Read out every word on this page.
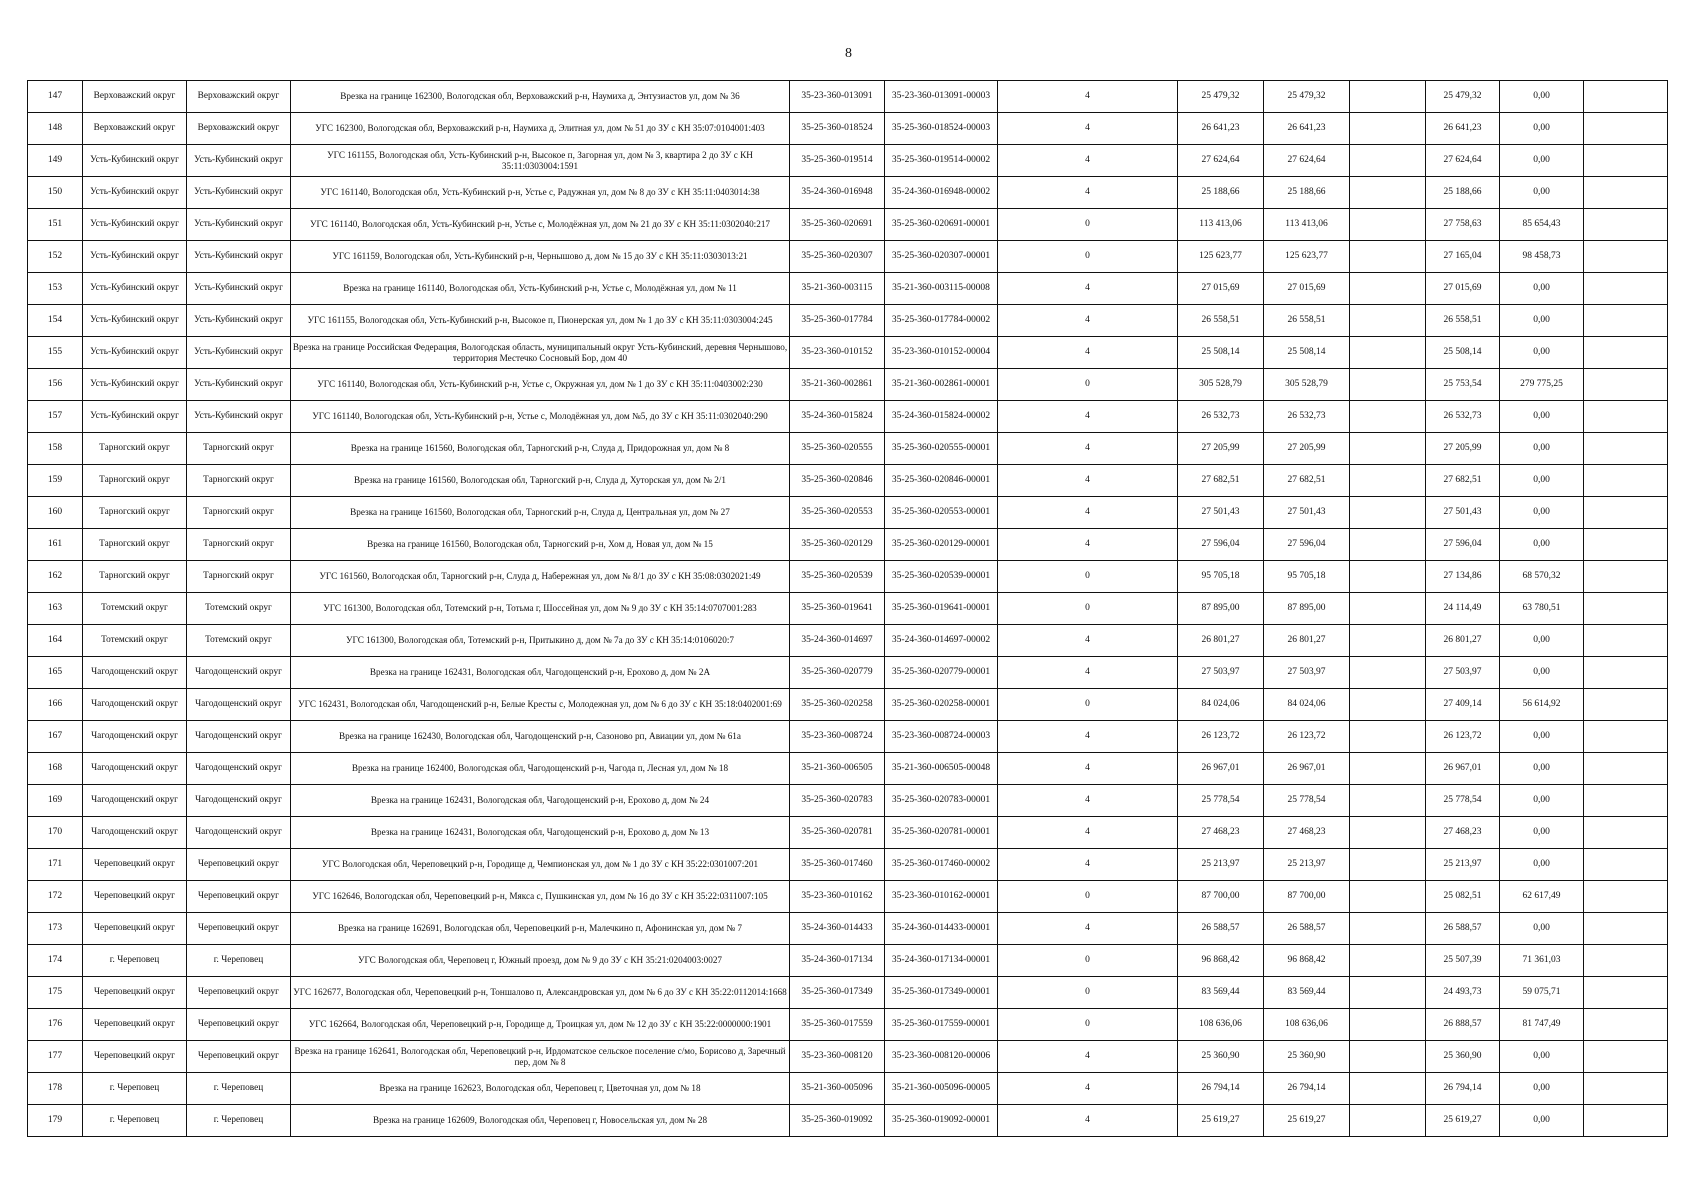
8
147	Верховажский округ	Верховажский округ	Врезка на границе 162300, Вологодская обл, Верховажский р-н, Наумиха д, Энтузиастов ул, дом № 36	35-23-360-013091	35-23-360-013091-00003	4	25 479,32	25 479,32		25 479,32	0,00	
148	Верховажский округ	Верховажский округ	УГС 162300, Вологодская обл, Верховажский р-н, Наумиха д, Элитная ул, дом № 51 до ЗУ с КН 35:07:0104001:403	35-25-360-018524	35-25-360-018524-00003	4	26 641,23	26 641,23		26 641,23	0,00	
149	Усть-Кубинский округ	Усть-Кубинский округ	УГС 161155, Вологодская обл, Усть-Кубинский р-н, Высокое п, Загорная ул, дом № 3, квартира 2 до ЗУ с КН 35:11:0303004:1591	35-25-360-019514	35-25-360-019514-00002	4	27 624,64	27 624,64		27 624,64	0,00	
150	Усть-Кубинский округ	Усть-Кубинский округ	УГС 161140, Вологодская обл, Усть-Кубинский р-н, Устье с, Радужная ул, дом № 8 до ЗУ с КН 35:11:0403014:38	35-24-360-016948	35-24-360-016948-00002	4	25 188,66	25 188,66		25 188,66	0,00	
151	Усть-Кубинский округ	Усть-Кубинский округ	УГС 161140, Вологодская обл, Усть-Кубинский р-н, Устье с, Молодёжная ул, дом № 21 до ЗУ с КН 35:11:0302040:217	35-25-360-020691	35-25-360-020691-00001	0	113 413,06	113 413,06		27 758,63	85 654,43	
152	Усть-Кубинский округ	Усть-Кубинский округ	УГС 161159, Вологодская обл, Усть-Кубинский р-н, Чернышово д, дом № 15 до ЗУ с КН 35:11:0303013:21	35-25-360-020307	35-25-360-020307-00001	0	125 623,77	125 623,77		27 165,04	98 458,73	
153	Усть-Кубинский округ	Усть-Кубинский округ	Врезка на границе 161140, Вологодская обл, Усть-Кубинский р-н, Устье с, Молодёжная ул, дом № 11	35-21-360-003115	35-21-360-003115-00008	4	27 015,69	27 015,69		27 015,69	0,00	
154	Усть-Кубинский округ	Усть-Кубинский округ	УГС 161155, Вологодская обл, Усть-Кубинский р-н, Высокое п, Пионерская ул, дом № 1 до ЗУ с КН 35:11:0303004:245	35-25-360-017784	35-25-360-017784-00002	4	26 558,51	26 558,51		26 558,51	0,00	
155	Усть-Кубинский округ	Усть-Кубинский округ	Врезка на границе Российская Федерация, Вологодская область, муниципальный округ Усть-Кубинский, деревня Чернышово, территория Местечко Сосновый Бор, дом 40	35-23-360-010152	35-23-360-010152-00004	4	25 508,14	25 508,14		25 508,14	0,00	
156	Усть-Кубинский округ	Усть-Кубинский округ	УГС 161140, Вологодская обл, Усть-Кубинский р-н, Устье с, Окружная ул, дом № 1 до ЗУ с КН 35:11:0403002:230	35-21-360-002861	35-21-360-002861-00001	0	305 528,79	305 528,79		25 753,54	279 775,25	
157	Усть-Кубинский округ	Усть-Кубинский округ	УГС 161140, Вологодская обл, Усть-Кубинский р-н, Устье с, Молодёжная ул, дом №5, до ЗУ с КН 35:11:0302040:290	35-24-360-015824	35-24-360-015824-00002	4	26 532,73	26 532,73		26 532,73	0,00	
158	Тарногский округ	Тарногский округ	Врезка на границе 161560, Вологодская обл, Тарногский р-н, Слуда д, Придорожная ул, дом № 8	35-25-360-020555	35-25-360-020555-00001	4	27 205,99	27 205,99		27 205,99	0,00	
159	Тарногский округ	Тарногский округ	Врезка на границе 161560, Вологодская обл, Тарногский р-н, Слуда д, Хуторская ул, дом № 2/1	35-25-360-020846	35-25-360-020846-00001	4	27 682,51	27 682,51		27 682,51	0,00	
160	Тарногский округ	Тарногский округ	Врезка на границе 161560, Вологодская обл, Тарногский р-н, Слуда д, Центральная ул, дом № 27	35-25-360-020553	35-25-360-020553-00001	4	27 501,43	27 501,43		27 501,43	0,00	
161	Тарногский округ	Тарногский округ	Врезка на границе 161560, Вологодская обл, Тарногский р-н, Хом д, Новая ул, дом № 15	35-25-360-020129	35-25-360-020129-00001	4	27 596,04	27 596,04		27 596,04	0,00	
162	Тарногский округ	Тарногский округ	УГС 161560, Вологодская обл, Тарногский р-н, Слуда д, Набережная ул, дом № 8/1 до ЗУ с КН 35:08:0302021:49	35-25-360-020539	35-25-360-020539-00001	0	95 705,18	95 705,18		27 134,86	68 570,32	
163	Тотемский округ	Тотемский округ	УГС 161300, Вологодская обл, Тотемский р-н, Тотьма г, Шоссейная ул, дом № 9 до ЗУ с КН 35:14:0707001:283	35-25-360-019641	35-25-360-019641-00001	0	87 895,00	87 895,00		24 114,49	63 780,51	
164	Тотемский округ	Тотемский округ	УГС 161300, Вологодская обл, Тотемский р-н, Притыкино д, дом № 7а до ЗУ с КН 35:14:0106020:7	35-24-360-014697	35-24-360-014697-00002	4	26 801,27	26 801,27		26 801,27	0,00	
165	Чагодощенский округ	Чагодощенский округ	Врезка на границе 162431, Вологодская обл, Чагодощенский р-н, Ерохово д, дом № 2А	35-25-360-020779	35-25-360-020779-00001	4	27 503,97	27 503,97		27 503,97	0,00	
166	Чагодощенский округ	Чагодощенский округ	УГС 162431, Вологодская обл, Чагодощенский р-н, Белые Кресты с, Молодежная ул, дом № 6 до ЗУ с КН 35:18:0402001:69	35-25-360-020258	35-25-360-020258-00001	0	84 024,06	84 024,06		27 409,14	56 614,92	
167	Чагодощенский округ	Чагодощенский округ	Врезка на границе 162430, Вологодская обл, Чагодощенский р-н, Сазоново рп, Авиации ул, дом № 61а	35-23-360-008724	35-23-360-008724-00003	4	26 123,72	26 123,72		26 123,72	0,00	
168	Чагодощенский округ	Чагодощенский округ	Врезка на границе 162400, Вологодская обл, Чагодощенский р-н, Чагода п, Лесная ул, дом № 18	35-21-360-006505	35-21-360-006505-00048	4	26 967,01	26 967,01		26 967,01	0,00	
169	Чагодощенский округ	Чагодощенский округ	Врезка на границе 162431, Вологодская обл, Чагодощенский р-н, Ерохово д, дом № 24	35-25-360-020783	35-25-360-020783-00001	4	25 778,54	25 778,54		25 778,54	0,00	
170	Чагодощенский округ	Чагодощенский округ	Врезка на границе 162431, Вологодская обл, Чагодощенский р-н, Ерохово д, дом № 13	35-25-360-020781	35-25-360-020781-00001	4	27 468,23	27 468,23		27 468,23	0,00	
171	Череповецкий округ	Череповецкий округ	УГС Вологодская обл, Череповецкий р-н, Городище д, Чемпионская ул, дом № 1 до ЗУ с КН 35:22:0301007:201	35-25-360-017460	35-25-360-017460-00002	4	25 213,97	25 213,97		25 213,97	0,00	
172	Череповецкий округ	Череповецкий округ	УГС 162646, Вологодская обл, Череповецкий р-н, Мякса с, Пушкинская ул, дом № 16 до ЗУ с КН 35:22:0311007:105	35-23-360-010162	35-23-360-010162-00001	0	87 700,00	87 700,00		25 082,51	62 617,49	
173	Череповецкий округ	Череповецкий округ	Врезка на границе 162691, Вологодская обл, Череповецкий р-н, Малечкино п, Афонинская ул, дом № 7	35-24-360-014433	35-24-360-014433-00001	4	26 588,57	26 588,57		26 588,57	0,00	
174	г. Череповец	г. Череповец	УГС Вологодская обл, Череповец г, Южный проезд, дом № 9 до ЗУ с КН 35:21:0204003:0027	35-24-360-017134	35-24-360-017134-00001	0	96 868,42	96 868,42		25 507,39	71 361,03	
175	Череповецкий округ	Череповецкий округ	УГС 162677, Вологодская обл, Череповецкий р-н, Тоншалово п, Александровская ул, дом № 6 до ЗУ с КН 35:22:0112014:1668	35-25-360-017349	35-25-360-017349-00001	0	83 569,44	83 569,44		24 493,73	59 075,71	
176	Череповецкий округ	Череповецкий округ	УГС 162664, Вологодская обл, Череповецкий р-н, Городище д, Троицкая ул, дом № 12 до ЗУ с КН 35:22:0000000:1901	35-25-360-017559	35-25-360-017559-00001	0	108 636,06	108 636,06		26 888,57	81 747,49	
177	Череповецкий округ	Череповецкий округ	Врезка на границе 162641, Вологодская обл, Череповецкий р-н, Ирдоматское сельское поселение с/мо, Борисово д, Заречный пер, дом № 8	35-23-360-008120	35-23-360-008120-00006	4	25 360,90	25 360,90		25 360,90	0,00	
178	г. Череповец	г. Череповец	Врезка на границе 162623, Вологодская обл, Череповец г, Цветочная ул, дом № 18	35-21-360-005096	35-21-360-005096-00005	4	26 794,14	26 794,14		26 794,14	0,00	
179	г. Череповец	г. Череповец	Врезка на границе 162609, Вологодская обл, Череповец г, Новосельская ул, дом № 28	35-25-360-019092	35-25-360-019092-00001	4	25 619,27	25 619,27		25 619,27	0,00	
